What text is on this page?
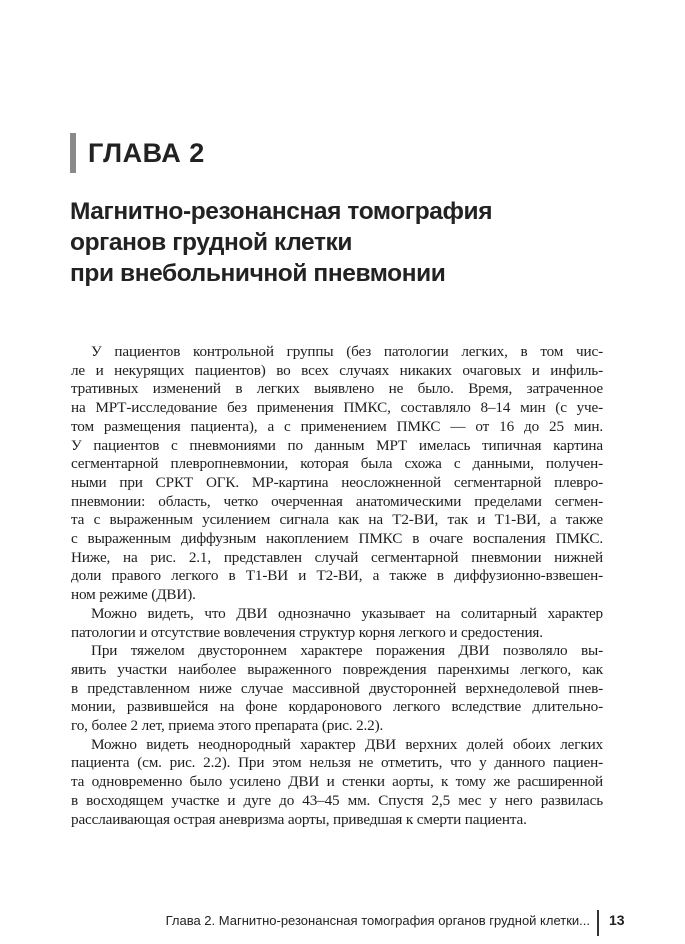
ГЛАВА 2
Магнитно-резонансная томография
органов грудной клетки
при внебольничной пневмонии
У пациентов контрольной группы (без патологии легких, в том чис-
ле и некурящих пациентов) во всех случаях никаких очаговых и инфиль-
тративных изменений в легких выявлено не было. Время, затраченное
на МРТ-исследование без применения ПМКС, составляло 8–14 мин (с уче-
том размещения пациента), а с применением ПМКС — от 16 до 25 мин.
У пациентов с пневмониями по данным МРТ имелась типичная картина
сегментарной плевропневмонии, которая была схожа с данными, получен-
ными при СРКТ ОГК. МР-картина неосложненной сегментарной плевро-
пневмонии: область, четко очерченная анатомическими пределами сегмен-
та с выраженным усилением сигнала как на Т2-ВИ, так и Т1-ВИ, а также
с выраженным диффузным накоплением ПМКС в очаге воспаления ПМКС.
Ниже, на рис. 2.1, представлен случай сегментарной пневмонии нижней
доли правого легкого в Т1-ВИ и Т2-ВИ, а также в диффузионно-взвешен-
ном режиме (ДВИ).
Можно видеть, что ДВИ однозначно указывает на солитарный характер
патологии и отсутствие вовлечения структур корня легкого и средостения.
При тяжелом двустороннем характере поражения ДВИ позволяло вы-
явить участки наиболее выраженного повреждения паренхимы легкого, как
в представленном ниже случае массивной двусторонней верхнедолевой пнев-
монии, развившейся на фоне кордаронового легкого вследствие длительно-
го, более 2 лет, приема этого препарата (рис. 2.2).
Можно видеть неоднородный характер ДВИ верхних долей обоих легких
пациента (см. рис. 2.2). При этом нельзя не отметить, что у данного пациен-
та одновременно было усилено ДВИ и стенки аорты, к тому же расширенной
в восходящем участке и дуге до 43–45 мм. Спустя 2,5 мес у него развилась
расслаивающая острая аневризма аорты, приведшая к смерти пациента.
Глава 2. Магнитно-резонансная томография органов грудной клетки... 13
